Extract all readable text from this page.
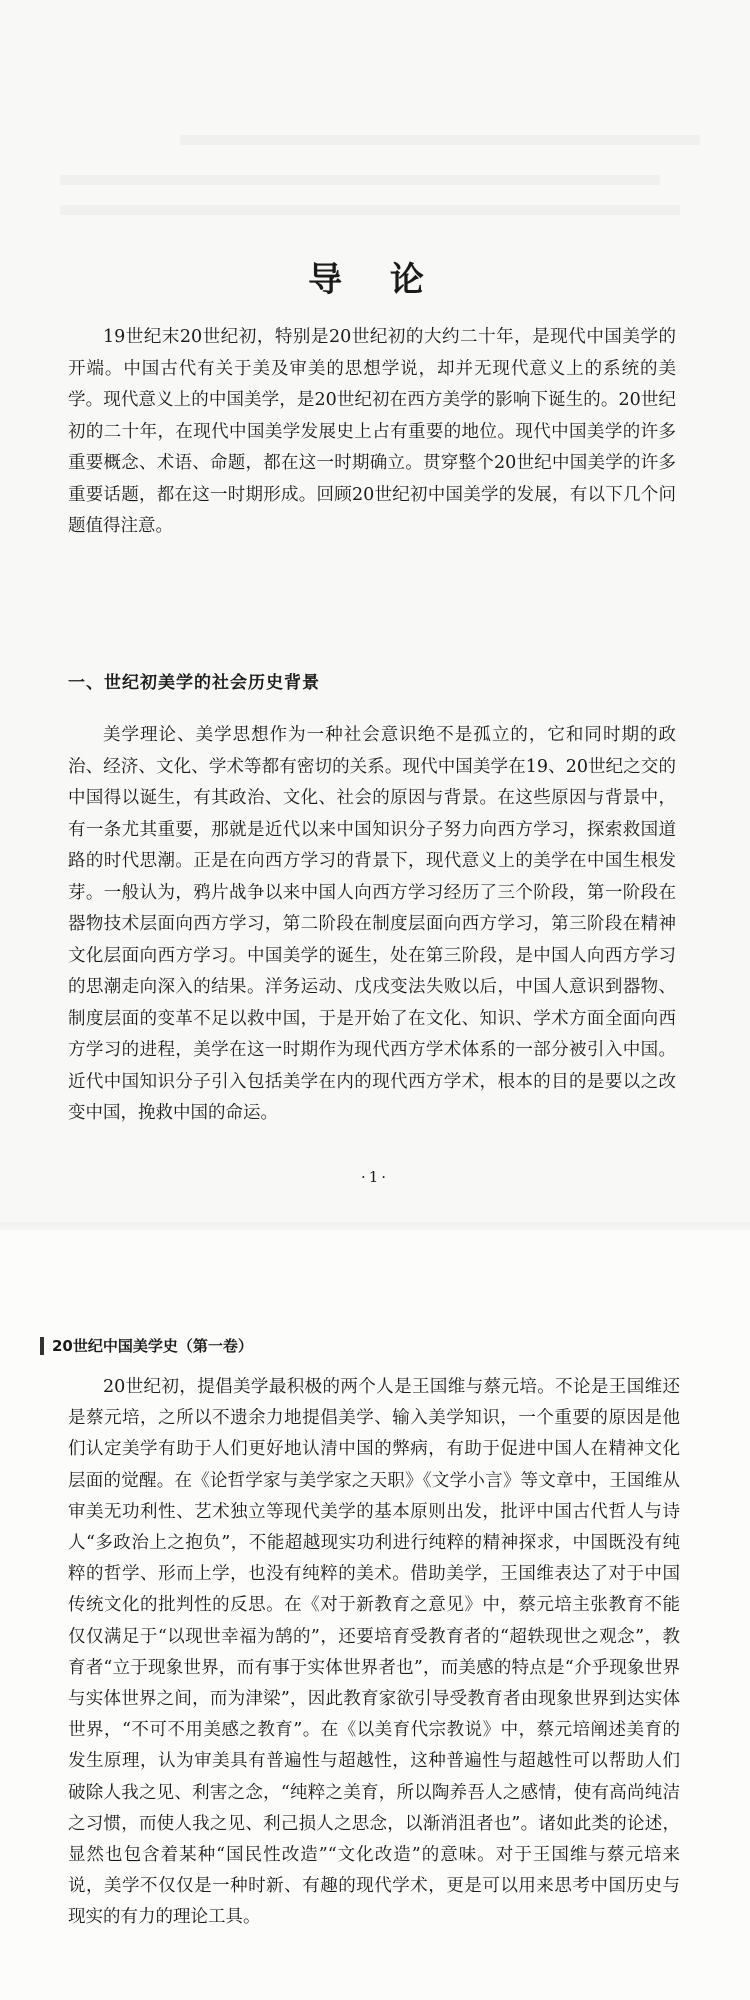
导 论

19世纪末20世纪初，特别是20世纪初的大约二十年，是现代中国美学的开端。中国古代有关于美及审美的思想学说，却并无现代意义上的系统的美学。现代意义上的中国美学，是20世纪初在西方美学的影响下诞生的。20世纪初的二十年，在现代中国美学发展史上占有重要的地位。现代中国美学的许多重要概念、术语、命题，都在这一时期确立。贯穿整个20世纪中国美学的许多重要话题，都在这一时期形成。回顾20世纪初中国美学的发展，有以下几个问题值得注意。

一、世纪初美学的社会历史背景

美学理论、美学思想作为一种社会意识绝不是孤立的，它和同时期的政治、经济、文化、学术等都有密切的关系。现代中国美学在19、20世纪之交的中国得以诞生，有其政治、文化、社会的原因与背景。在这些原因与背景中，有一条尤其重要，那就是近代以来中国知识分子努力向西方学习，探索救国道路的时代思潮。正是在向西方学习的背景下，现代意义上的美学在中国生根发芽。一般认为，鸦片战争以来中国人向西方学习经历了三个阶段，第一阶段在器物技术层面向西方学习，第二阶段在制度层面向西方学习，第三阶段在精神文化层面向西方学习。中国美学的诞生，处在第三阶段，是中国人向西方学习的思潮走向深入的结果。洋务运动、戊戌变法失败以后，中国人意识到器物、制度层面的变革不足以救中国，于是开始了在文化、知识、学术方面全面向西方学习的进程，美学在这一时期作为现代西方学术体系的一部分被引入中国。近代中国知识分子引入包括美学在内的现代西方学术，根本的目的是要以之改变中国，挽救中国的命运。

·1·
20世纪中国美学史（第一卷）

20世纪初，提倡美学最积极的两个人是王国维与蔡元培。不论是王国维还是蔡元培，之所以不遗余力地提倡美学、输入美学知识，一个重要的原因是他们认定美学有助于人们更好地认清中国的弊病，有助于促进中国人在精神文化层面的觉醒。在《论哲学家与美学家之天职》《文学小言》等文章中，王国维从审美无功利性、艺术独立等现代美学的基本原则出发，批评中国古代哲人与诗人“多政治上之抱负”，不能超越现实功利进行纯粹的精神探求，中国既没有纯粹的哲学、形而上学，也没有纯粹的美术。借助美学，王国维表达了对于中国传统文化的批判性的反思。在《对于新教育之意见》中，蔡元培主张教育不能仅仅满足于“以现世幸福为鹄的”，还要培育受教育者的“超轶现世之观念”，教育者“立于现象世界，而有事于实体世界者也”，而美感的特点是“介乎现象世界与实体世界之间，而为津梁”，因此教育家欲引导受教育者由现象世界到达实体世界，“不可不用美感之教育”。在《以美育代宗教说》中，蔡元培阐述美育的发生原理，认为审美具有普遍性与超越性，这种普遍性与超越性可以帮助人们破除人我之见、利害之念，“纯粹之美育，所以陶养吾人之感情，使有高尚纯洁之习惯，而使人我之见、利己损人之思念，以渐消沮者也”。诸如此类的论述，显然也包含着某种“国民性改造”“文化改造”的意味。对于王国维与蔡元培来说，美学不仅仅是一种时新、有趣的现代学术，更是可以用来思考中国历史与现实的有力的理论工具。
